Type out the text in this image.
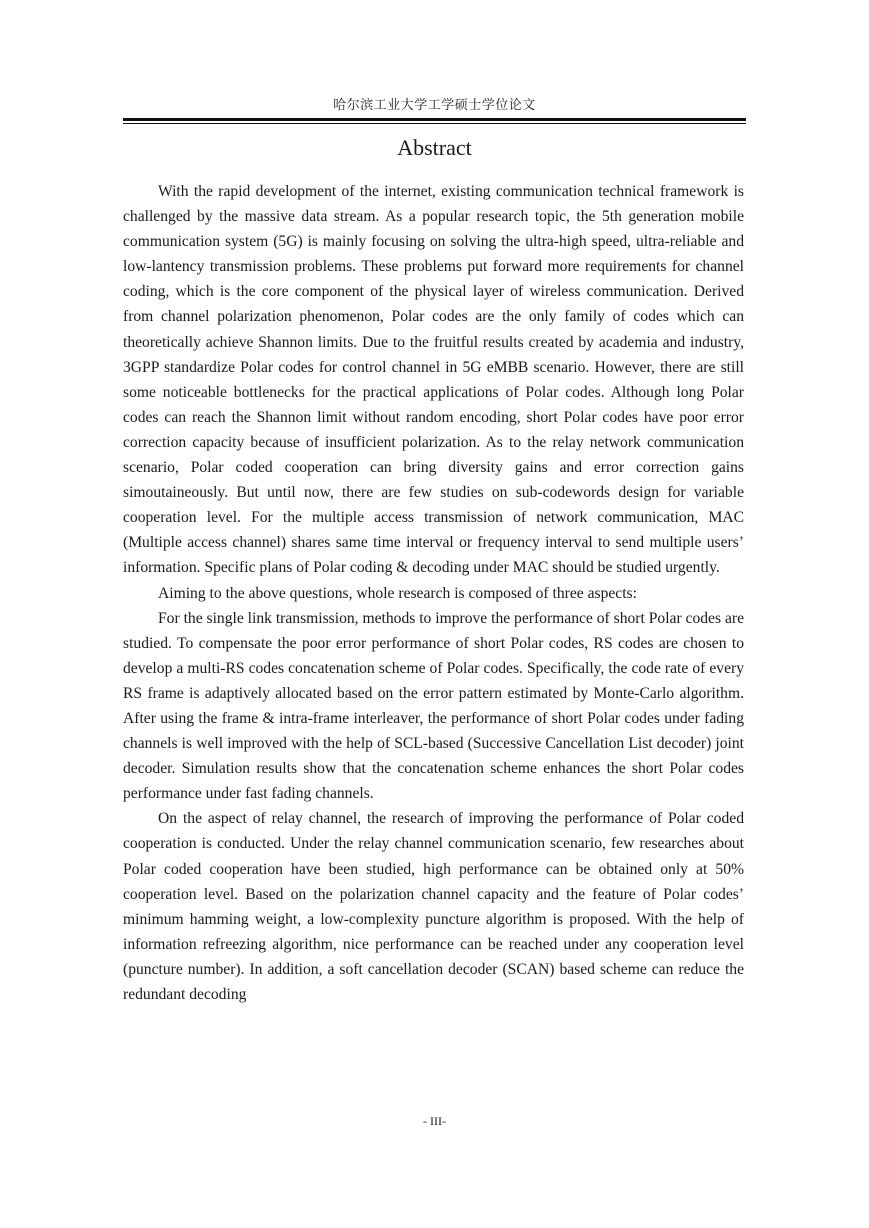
哈尔滨工业大学工学硕士学位论文
Abstract

With the rapid development of the internet, existing communication technical framework is challenged by the massive data stream. As a popular research topic, the 5th generation mobile communication system (5G) is mainly focusing on solving the ultra-high speed, ultra-reliable and low-lantency transmission problems. These problems put forward more requirements for channel coding, which is the core component of the physical layer of wireless communication. Derived from channel polarization phenomenon, Polar codes are the only family of codes which can theoretically achieve Shannon limits. Due to the fruitful results created by academia and industry, 3GPP standardize Polar codes for control channel in 5G eMBB scenario. However, there are still some noticeable bottlenecks for the practical applications of Polar codes. Although long Polar codes can reach the Shannon limit without random encoding, short Polar codes have poor error correction capacity because of insufficient polarization. As to the relay network communication scenario, Polar coded cooperation can bring diversity gains and error correction gains simoutaineously. But until now, there are few studies on sub-codewords design for variable cooperation level. For the multiple access transmission of network communication, MAC (Multiple access channel) shares same time interval or frequency interval to send multiple users’ information. Specific plans of Polar coding & decoding under MAC should be studied urgently.

Aiming to the above questions, whole research is composed of three aspects:

For the single link transmission, methods to improve the performance of short Polar codes are studied. To compensate the poor error performance of short Polar codes, RS codes are chosen to develop a multi-RS codes concatenation scheme of Polar codes. Specifically, the code rate of every RS frame is adaptively allocated based on the error pattern estimated by Monte-Carlo algorithm. After using the frame & intra-frame interleaver, the performance of short Polar codes under fading channels is well improved with the help of SCL-based (Successive Cancellation List decoder) joint decoder. Simulation results show that the concatenation scheme enhances the short Polar codes performance under fast fading channels.

On the aspect of relay channel, the research of improving the performance of Polar coded cooperation is conducted. Under the relay channel communication scenario, few researches about Polar coded cooperation have been studied, high performance can be obtained only at 50% cooperation level. Based on the polarization channel capacity and the feature of Polar codes’ minimum hamming weight, a low-complexity puncture algorithm is proposed. With the help of information refreezing algorithm, nice performance can be reached under any cooperation level (puncture number). In addition, a soft cancellation decoder (SCAN) based scheme can reduce the redundant decoding

- III-
